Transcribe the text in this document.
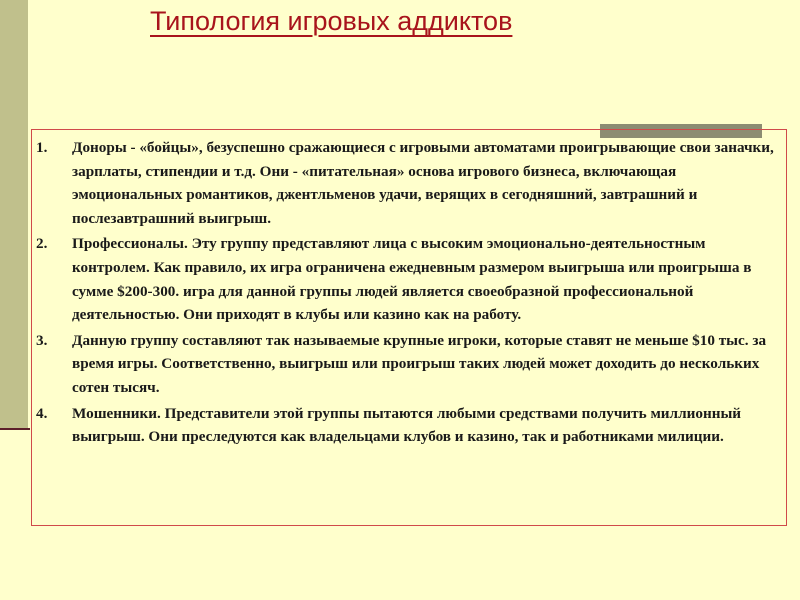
Типология игровых аддиктов
1.	Доноры - «бойцы», безуспешно сражающиеся с игровыми автоматами проигрывающие свои заначки, зарплаты, стипендии и т.д. Они - «питательная» основа игрового бизнеса, включающая эмоциональных романтиков, джентльменов удачи, верящих в сегодняшний, завтрашний и послезавтрашний выигрыш.
2.	Профессионалы. Эту группу представляют лица с высоким эмоционально-деятельностным контролем. Как правило, их игра ограничена ежедневным размером выигрыша или проигрыша в сумме $200-300. игра для данной группы людей является своеобразной профессиональной деятельностью. Они приходят в клубы или казино как на работу.
3.	Данную группу составляют так называемые крупные игроки, которые ставят не меньше $10 тыс. за время игры. Соответственно, выигрыш или проигрыш таких людей может доходить до нескольких сотен тысяч.
4.	Мошенники. Представители этой группы пытаются любыми средствами получить миллионный выигрыш. Они преследуются как владельцами клубов и казино, так и работниками милиции.
